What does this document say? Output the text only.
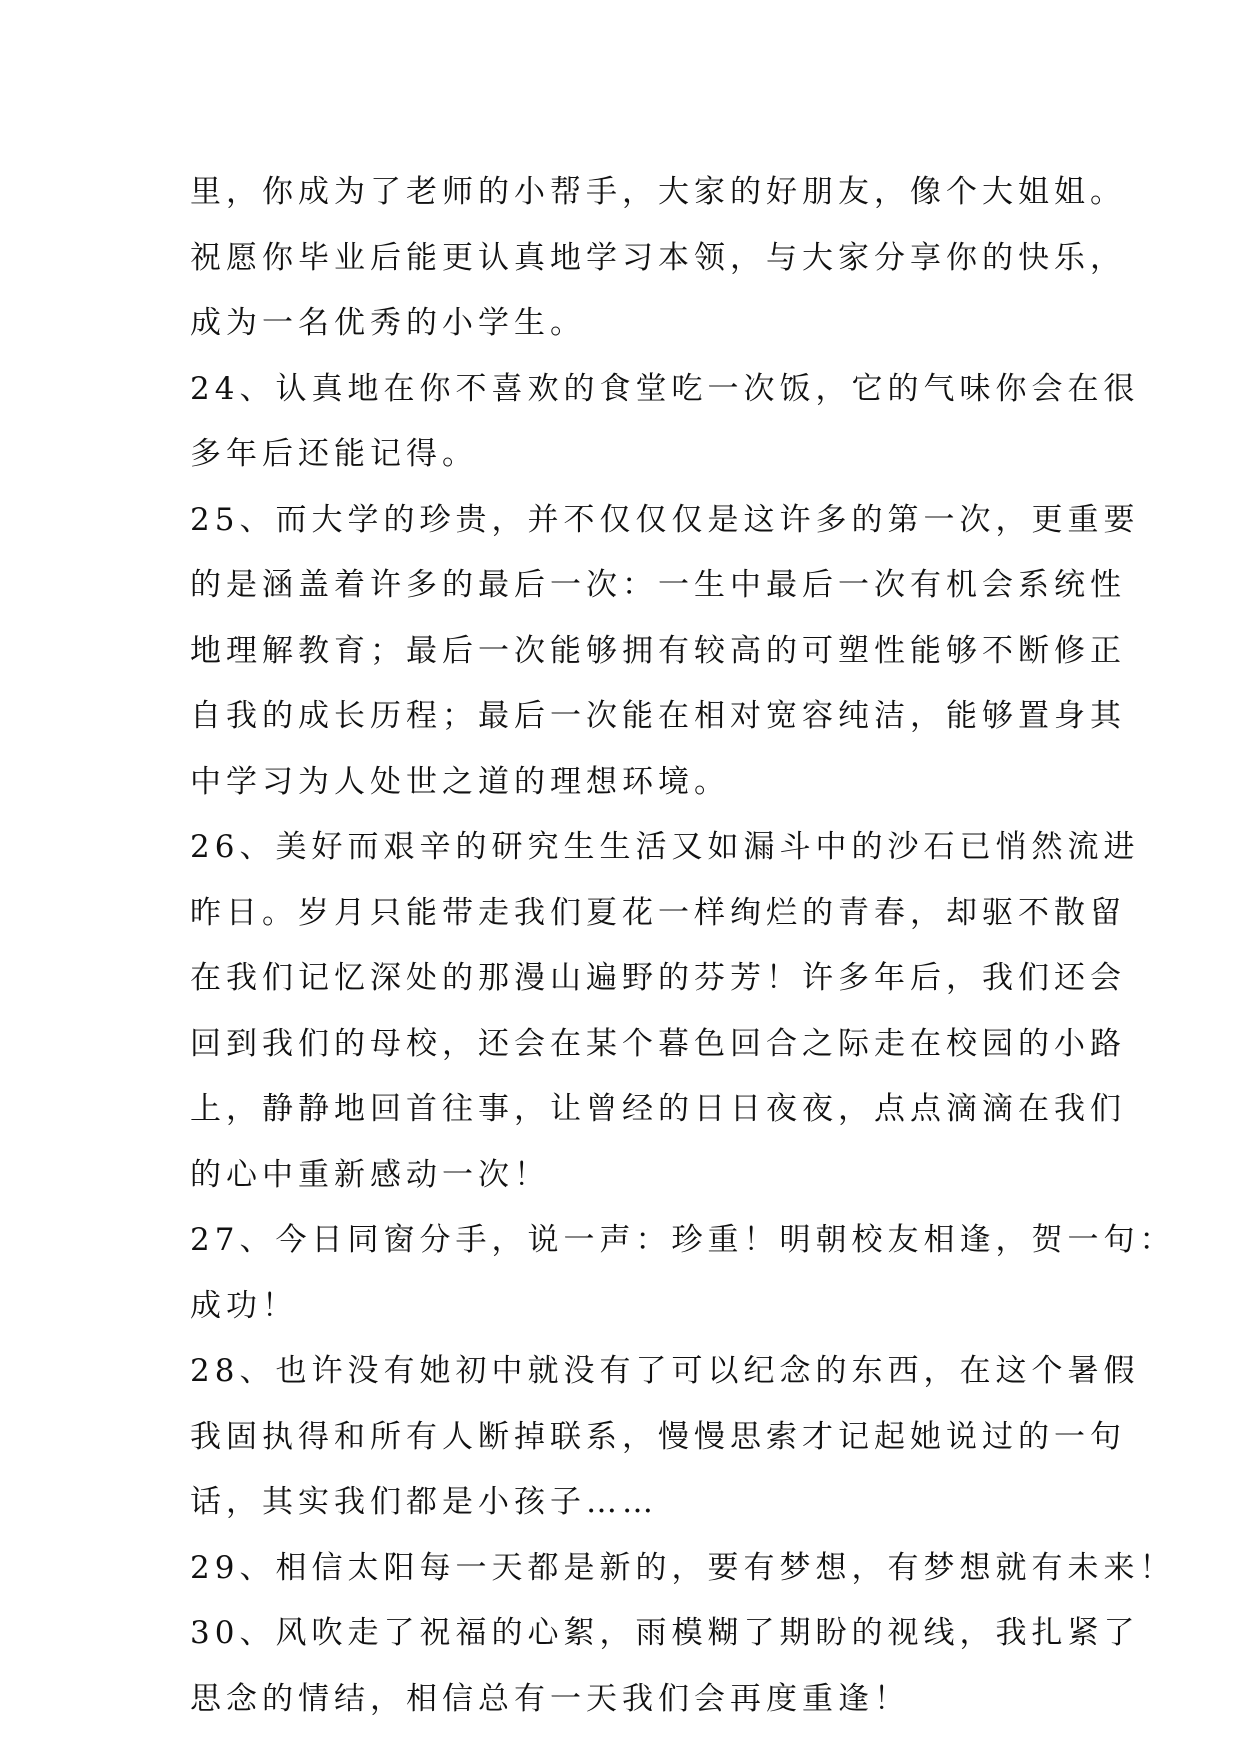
里，你成为了老师的小帮手，大家的好朋友，像个大姐姐。
祝愿你毕业后能更认真地学习本领，与大家分享你的快乐，
成为一名优秀的小学生。
24、认真地在你不喜欢的食堂吃一次饭，它的气味你会在很
多年后还能记得。
25、而大学的珍贵，并不仅仅仅是这许多的第一次，更重要
的是涵盖着许多的最后一次：一生中最后一次有机会系统性
地理解教育；最后一次能够拥有较高的可塑性能够不断修正
自我的成长历程；最后一次能在相对宽容纯洁，能够置身其
中学习为人处世之道的理想环境。
26、美好而艰辛的研究生生活又如漏斗中的沙石已悄然流进
昨日。岁月只能带走我们夏花一样绚烂的青春，却驱不散留
在我们记忆深处的那漫山遍野的芬芳！许多年后，我们还会
回到我们的母校，还会在某个暮色回合之际走在校园的小路
上，静静地回首往事，让曾经的日日夜夜，点点滴滴在我们
的心中重新感动一次！
27、今日同窗分手，说一声：珍重！明朝校友相逢，贺一句：
成功！
28、也许没有她初中就没有了可以纪念的东西，在这个暑假
我固执得和所有人断掉联系，慢慢思索才记起她说过的一句
话，其实我们都是小孩子……
29、相信太阳每一天都是新的，要有梦想，有梦想就有未来！
30、风吹走了祝福的心絮，雨模糊了期盼的视线，我扎紧了
思念的情结，相信总有一天我们会再度重逢！
